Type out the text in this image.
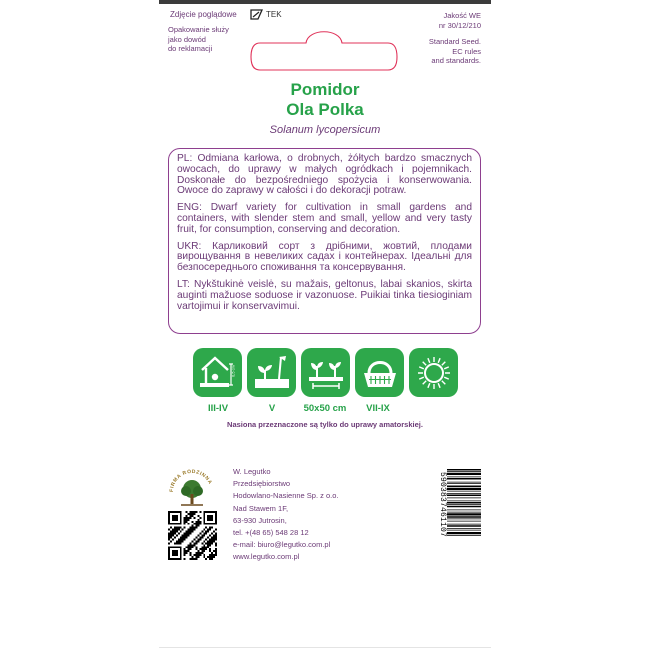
Zdjęcie poglądowe
Opakowanie służy
jako dowód
do reklamacji
TEK	Jakość WE
nr 30/12/210
Standard Seed.
EC rules
and standards.
Pomidor
Ola Polka
Solanum lycopersicum

PL: Odmiana karłowa, o drobnych, żółtych bardzo smacznych owocach, do uprawy w małych ogródkach i pojemnikach. Doskonałe do bezpośredniego spożycia i konserwowania. Owoce do zaprawy w całości i do dekoracji potraw.

ENG: Dwarf variety for cultivation in small gardens and containers, with slender stem and small, yellow and very tasty fruit, for consumption, conserving and decoration.

UKR: Карликовий сорт з дрібними, жовтий, плодами вирощування в невеликих садах і контейнерах. Ідеальні для безпосереднього споживання та консервування.

LT: Nykštukinė veislė, su mažais, geltonus, labai skanios, skirta auginti mažuose soduose ir vazonuose. Puikiai tinka tiesioginiam vartojimui ir konservavimui.

0,5 cm
III-IV	V	50x50 cm	VII-IX
Nasiona przeznaczone są tylko do uprawy amatorskiej.
FIRMA RODZINNA
W. Legutko
Przedsiębiorstwo
Hodowlano-Nasienne Sp. z o.o.
Nad Stawem 1F,
63-930 Jutrosin,
tel. +(48 65) 548 28 12
e-mail: biuro@legutko.com.pl
www.legutko.com.pl
5903837461107
